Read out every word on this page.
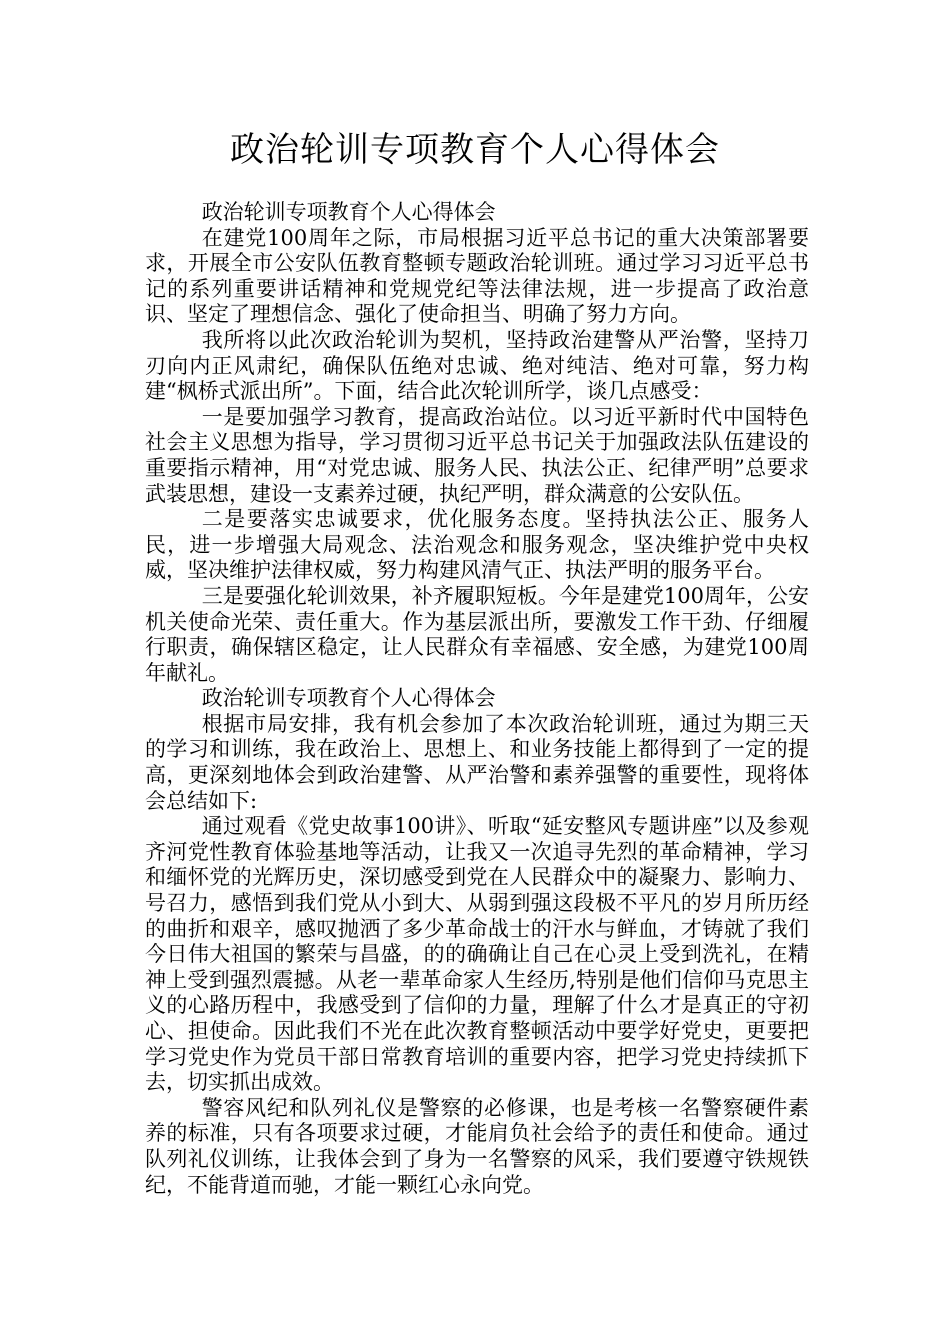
政治轮训专项教育个人心得体会

政治轮训专项教育个人心得体会

在建党100周年之际，市局根据习近平总书记的重大决策部署要求，开展全市公安队伍教育整顿专题政治轮训班。通过学习习近平总书记的系列重要讲话精神和党规党纪等法律法规，进一步提高了政治意识、坚定了理想信念、强化了使命担当、明确了努力方向。

我所将以此次政治轮训为契机，坚持政治建警从严治警，坚持刀刃向内正风肃纪，确保队伍绝对忠诚、绝对纯洁、绝对可靠，努力构建“枫桥式派出所”。下面，结合此次轮训所学，谈几点感受：

一是要加强学习教育，提高政治站位。以习近平新时代中国特色社会主义思想为指导，学习贯彻习近平总书记关于加强政法队伍建设的重要指示精神，用“对党忠诚、服务人民、执法公正、纪律严明”总要求武装思想，建设一支素养过硬，执纪严明，群众满意的公安队伍。

二是要落实忠诚要求，优化服务态度。坚持执法公正、服务人民，进一步增强大局观念、法治观念和服务观念，坚决维护党中央权威，坚决维护法律权威，努力构建风清气正、执法严明的服务平台。

三是要强化轮训效果，补齐履职短板。今年是建党100周年，公安机关使命光荣、责任重大。作为基层派出所，要激发工作干劲、仔细履行职责，确保辖区稳定，让人民群众有幸福感、安全感，为建党100周年献礼。

政治轮训专项教育个人心得体会

根据市局安排，我有机会参加了本次政治轮训班，通过为期三天的学习和训练，我在政治上、思想上、和业务技能上都得到了一定的提高，更深刻地体会到政治建警、从严治警和素养强警的重要性，现将体会总结如下:

通过观看《党史故事100讲》、听取“延安整风专题讲座”以及参观齐河党性教育体验基地等活动，让我又一次追寻先烈的革命精神，学习和缅怀党的光辉历史，深切感受到党在人民群众中的凝聚力、影响力、号召力，感悟到我们党从小到大、从弱到强这段极不平凡的岁月所历经的曲折和艰辛，感叹抛洒了多少革命战士的汗水与鲜血，才铸就了我们今日伟大祖国的繁荣与昌盛，的的确确让自己在心灵上受到洗礼，在精神上受到强烈震撼。从老一辈革命家人生经历,特别是他们信仰马克思主义的心路历程中，我感受到了信仰的力量，理解了什么才是真正的守初心、担使命。因此我们不光在此次教育整顿活动中要学好党史，更要把学习党史作为党员干部日常教育培训的重要内容，把学习党史持续抓下去，切实抓出成效。

警容风纪和队列礼仪是警察的必修课，也是考核一名警察硬件素养的标准，只有各项要求过硬，才能肩负社会给予的责任和使命。通过队列礼仪训练，让我体会到了身为一名警察的风采，我们要遵守铁规铁纪，不能背道而驰，才能一颗红心永向党。
